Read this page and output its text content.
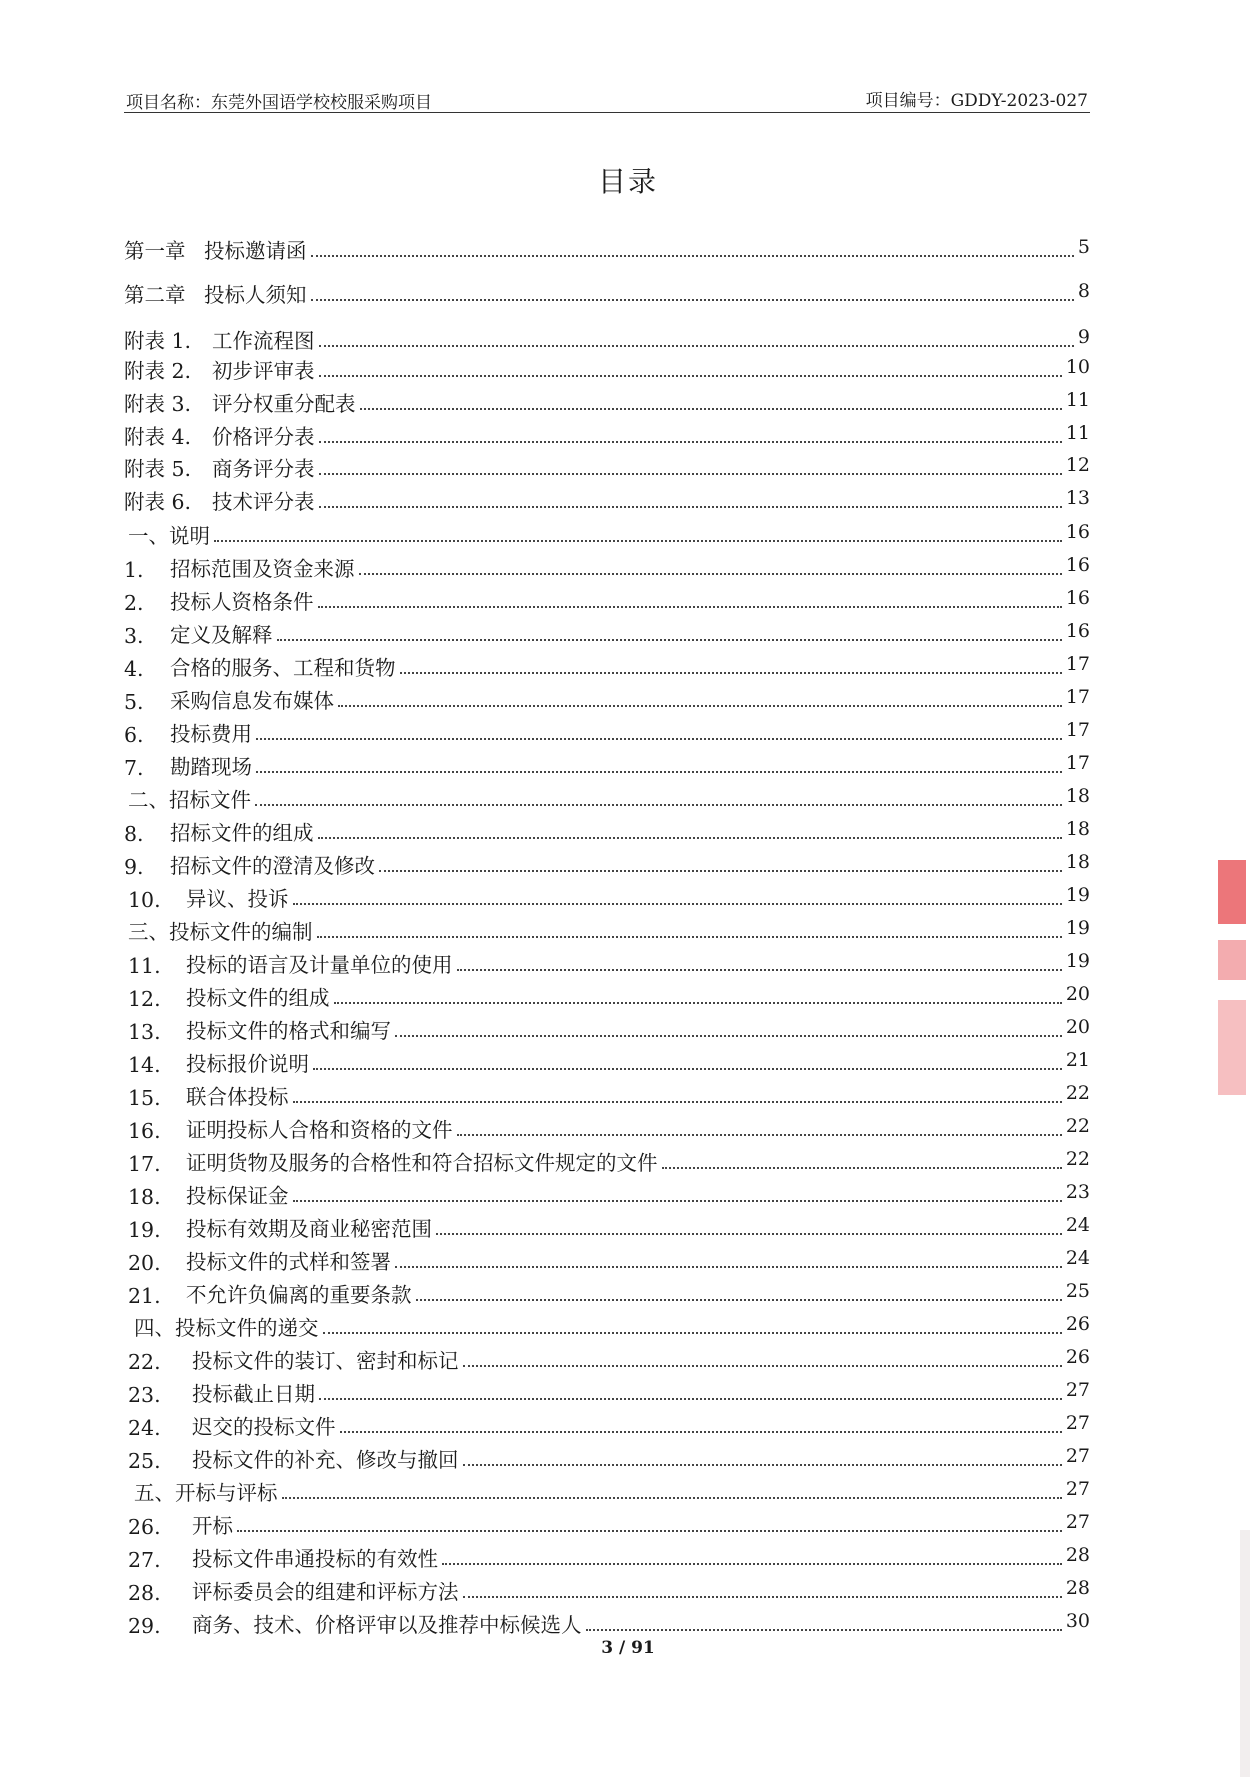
项目名称：东莞外国语学校校服采购项目	项目编号：GDDY-2023-027
目录
第一章 投标邀请函	5
第二章 投标人须知	8
附表 1.	工作流程图	9
附表 2.	初步评审表	10
附表 3.	评分权重分配表	11
附表 4.	价格评分表	11
附表 5.	商务评分表	12
附表 6.	技术评分表	13
一、说明	16
1.	招标范围及资金来源	16
2.	投标人资格条件	16
3.	定义及解释	16
4.	合格的服务、工程和货物	17
5.	采购信息发布媒体	17
6.	投标费用	17
7.	勘踏现场	17
二、招标文件	18
8.	招标文件的组成	18
9.	招标文件的澄清及修改	18
10.	异议、投诉	19
三、投标文件的编制	19
11.	投标的语言及计量单位的使用	19
12.	投标文件的组成	20
13.	投标文件的格式和编写	20
14.	投标报价说明	21
15.	联合体投标	22
16.	证明投标人合格和资格的文件	22
17.	证明货物及服务的合格性和符合招标文件规定的文件	22
18.	投标保证金	23
19.	投标有效期及商业秘密范围	24
20.	投标文件的式样和签署	24
21.	不允许负偏离的重要条款	25
四、投标文件的递交	26
22.	投标文件的装订、密封和标记	26
23.	投标截止日期	27
24.	迟交的投标文件	27
25.	投标文件的补充、修改与撤回	27
五、开标与评标	27
26.	开标	27
27.	投标文件串通投标的有效性	28
28.	评标委员会的组建和评标方法	28
29.	商务、技术、价格评审以及推荐中标候选人	30
3 / 91
